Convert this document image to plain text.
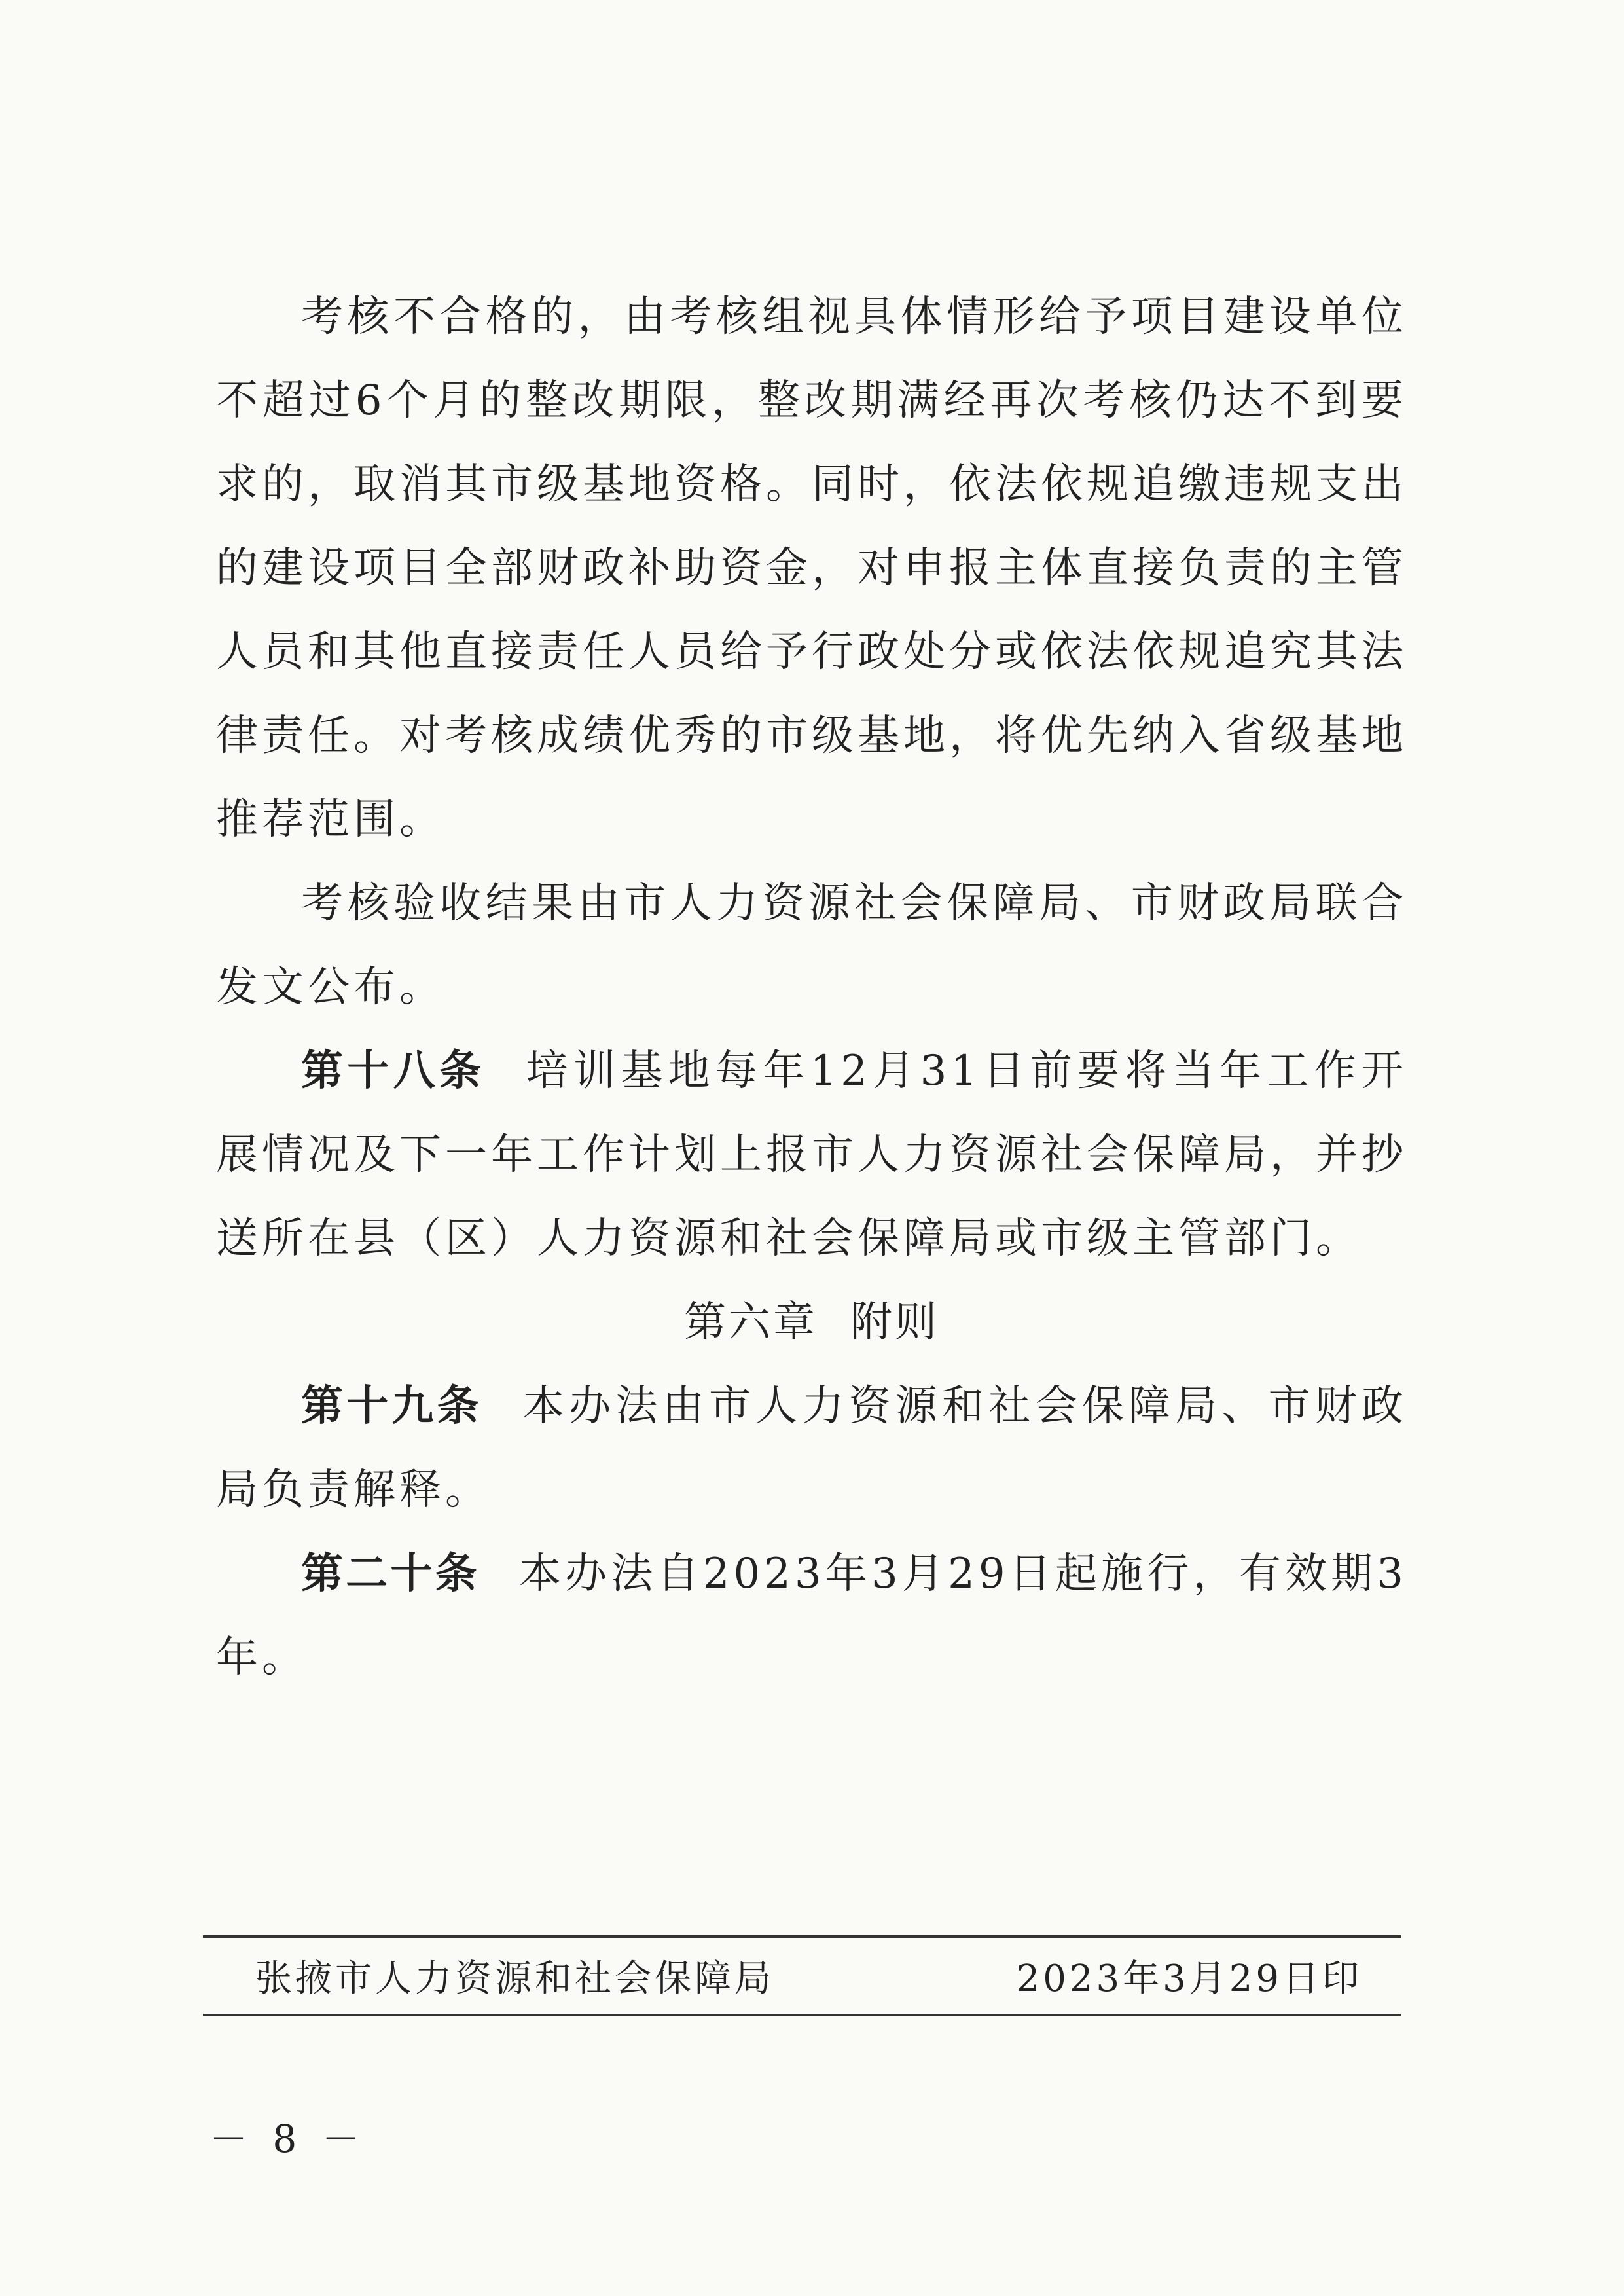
考核不合格的，由考核组视具体情形给予项目建设单位不超过6个月的整改期限，整改期满经再次考核仍达不到要求的，取消其市级基地资格。同时，依法依规追缴违规支出的建设项目全部财政补助资金，对申报主体直接负责的主管人员和其他直接责任人员给予行政处分或依法依规追究其法律责任。对考核成绩优秀的市级基地，将优先纳入省级基地推荐范围。

考核验收结果由市人力资源社会保障局、市财政局联合发文公布。

第十八条 培训基地每年12月31日前要将当年工作开展情况及下一年工作计划上报市人力资源社会保障局，并抄送所在县（区）人力资源和社会保障局或市级主管部门。

第六章 附则

第十九条 本办法由市人力资源和社会保障局、市财政局负责解释。

第二十条 本办法自2023年3月29日起施行，有效期3年。

张掖市人力资源和社会保障局	2023年3月29日印
－ 8 －
